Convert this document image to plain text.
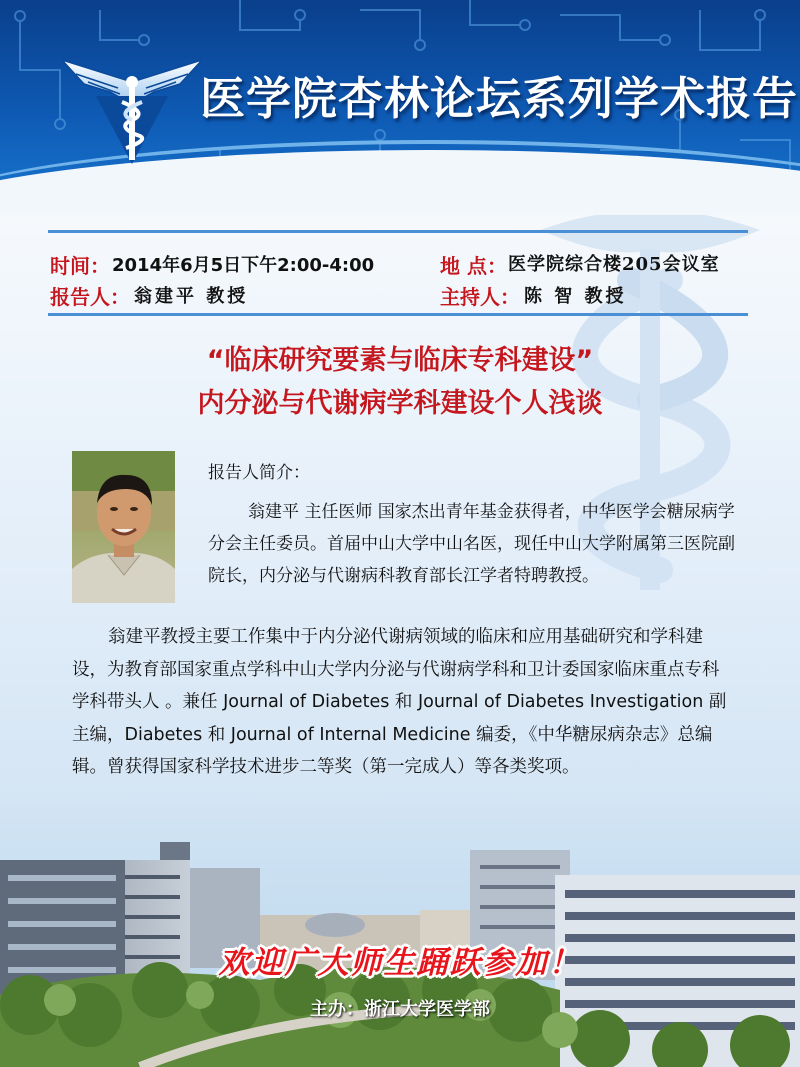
医学院杏林论坛系列学术报告
时间： 2014年6月5日下午2:00-4:00	地 点： 医学院综合楼205会议室
报告人： 翁建平 教授	主持人： 陈 智 教授
“临床研究要素与临床专科建设”
内分泌与代谢病学科建设个人浅谈
报告人简介：
翁建平 主任医师 国家杰出青年基金获得者，中华医学会糖尿病学分会主任委员。首届中山大学中山名医，现任中山大学附属第三医院副院长，内分泌与代谢病科教育部长江学者特聘教授。
翁建平教授主要工作集中于内分泌代谢病领域的临床和应用基础研究和学科建设，为教育部国家重点学科中山大学内分泌与代谢病学科和卫计委国家临床重点专科学科带头人 。兼任 Journal of Diabetes 和 Journal of Diabetes Investigation 副主编，Diabetes 和 Journal of Internal Medicine 编委，《中华糖尿病杂志》总编辑。曾获得国家科学技术进步二等奖（第一完成人）等各类奖项。
欢迎广大师生踊跃参加！
主办：浙江大学医学部
